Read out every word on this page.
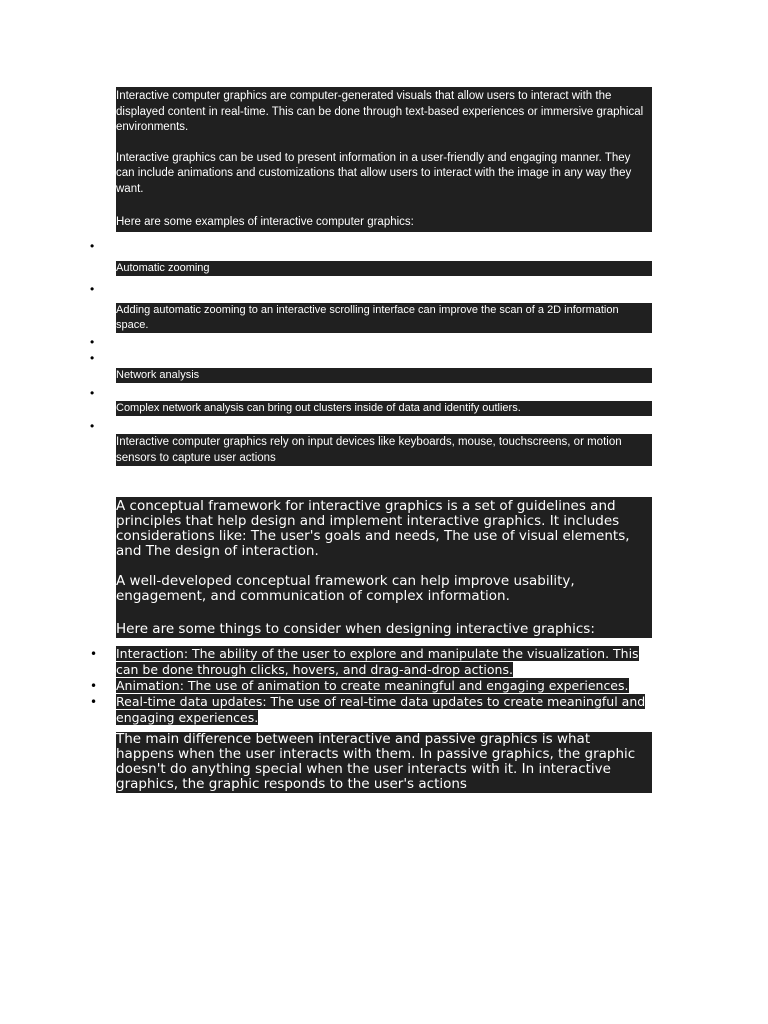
Interactive computer graphics are computer-generated visuals that allow users to interact with the displayed content in real-time. This can be done through text-based experiences or immersive graphical environments.

Interactive graphics can be used to present information in a user-friendly and engaging manner. They can include animations and customizations that allow users to interact with the image in any way they want.

Here are some examples of interactive computer graphics:

•
Automatic zooming
•
Adding automatic zooming to an interactive scrolling interface can improve the scan of a 2D information space.
•
•
Network analysis
•
Complex network analysis can bring out clusters inside of data and identify outliers.
•
Interactive computer graphics rely on input devices like keyboards, mouse, touchscreens, or motion sensors to capture user actions

A conceptual framework for interactive graphics is a set of guidelines and principles that help design and implement interactive graphics. It includes considerations like: The user's goals and needs, The use of visual elements, and The design of interaction.

A well-developed conceptual framework can help improve usability, engagement, and communication of complex information.

Here are some things to consider when designing interactive graphics:

• Interaction: The ability of the user to explore and manipulate the visualization. This can be done through clicks, hovers, and drag-and-drop actions.
• Animation: The use of animation to create meaningful and engaging experiences.
• Real-time data updates: The use of real-time data updates to create meaningful and engaging experiences.
The main difference between interactive and passive graphics is what happens when the user interacts with them. In passive graphics, the graphic doesn't do anything special when the user interacts with it. In interactive graphics, the graphic responds to the user's actions
